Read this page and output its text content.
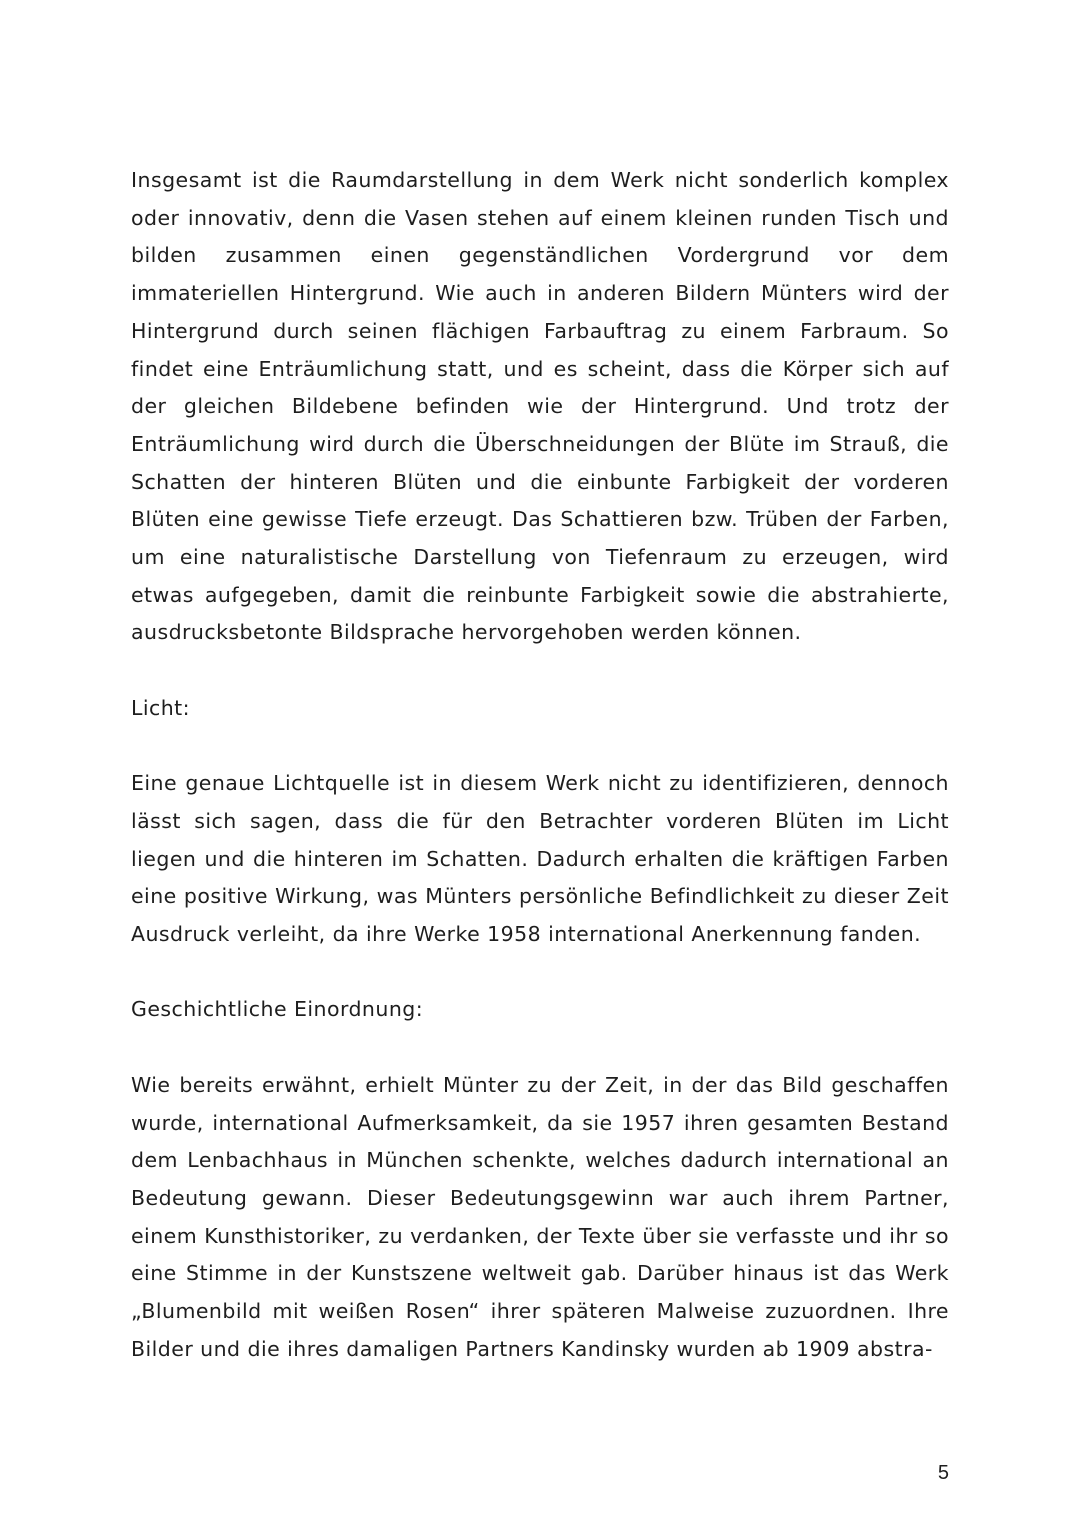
Insgesamt ist die Raumdarstellung in dem Werk nicht sonderlich komplex oder innovativ, denn die Vasen stehen auf einem kleinen runden Tisch und bilden zusammen einen gegenständlichen Vordergrund vor dem immateriellen Hintergrund. Wie auch in anderen Bildern Münters wird der Hintergrund durch seinen flächigen Farbauftrag zu einem Farbraum. So findet eine Enträumlichung statt, und es scheint, dass die Körper sich auf der gleichen Bildebene befinden wie der Hintergrund. Und trotz der Enträumlichung wird durch die Überschneidungen der Blüte im Strauß, die Schatten der hinteren Blüten und die einbunte Farbigkeit der vorderen Blüten eine gewisse Tiefe erzeugt. Das Schattieren bzw. Trüben der Farben, um eine naturalistische Darstellung von Tiefenraum zu erzeugen, wird etwas aufgegeben, damit die reinbunte Farbigkeit sowie die abstrahierte, ausdrucksbetonte Bildsprache hervorgehoben werden können.

Licht:

Eine genaue Lichtquelle ist in diesem Werk nicht zu identifizieren, dennoch lässt sich sagen, dass die für den Betrachter vorderen Blüten im Licht liegen und die hinteren im Schatten. Dadurch erhalten die kräftigen Farben eine positive Wirkung, was Münters persönliche Befindlichkeit zu dieser Zeit Ausdruck verleiht, da ihre Werke 1958 international Anerkennung fanden.

Geschichtliche Einordnung:

Wie bereits erwähnt, erhielt Münter zu der Zeit, in der das Bild geschaffen wurde, international Aufmerksamkeit, da sie 1957 ihren gesamten Bestand dem Lenbachhaus in München schenkte, welches dadurch international an Bedeutung gewann. Dieser Bedeutungsgewinn war auch ihrem Partner, einem Kunsthistoriker, zu verdanken, der Texte über sie verfasste und ihr so eine Stimme in der Kunstszene weltweit gab. Darüber hinaus ist das Werk „Blumenbild mit weißen Rosen“ ihrer späteren Malweise zuzuordnen. Ihre Bilder und die ihres damaligen Partners Kandinsky wurden ab 1909 abstra-

5
